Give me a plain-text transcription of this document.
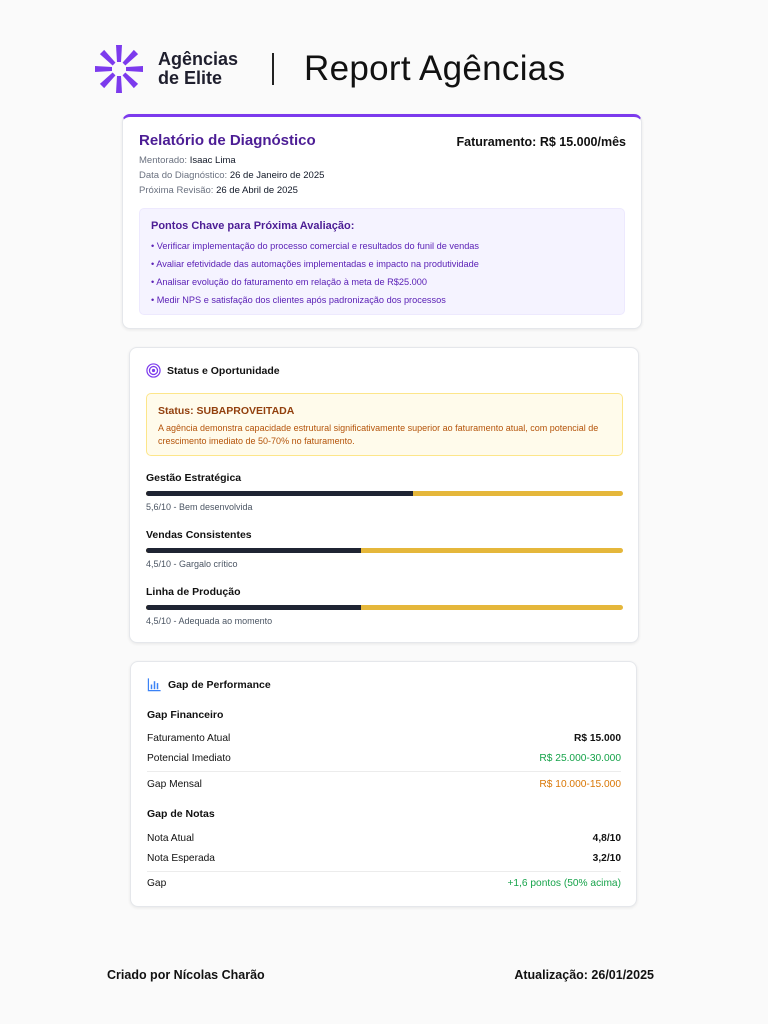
Agências
de Elite	Report Agências
Relatório de Diagnóstico	Faturamento: R$ 15.000/mês
Mentorado: Isaac Lima
Data do Diagnóstico: 26 de Janeiro de 2025
Próxima Revisão: 26 de Abril de 2025
Pontos Chave para Próxima Avaliação:
• Verificar implementação do processo comercial e resultados do funil de vendas
• Avaliar efetividade das automações implementadas e impacto na produtividade
• Analisar evolução do faturamento em relação à meta de R$25.000
• Medir NPS e satisfação dos clientes após padronização dos processos
Status e Oportunidade
Status: SUBAPROVEITADA
A agência demonstra capacidade estrutural significativamente superior ao faturamento atual, com potencial de crescimento imediato de 50-70% no faturamento.
Gestão Estratégica
5,6/10 - Bem desenvolvida
Vendas Consistentes
4,5/10 - Gargalo crítico
Linha de Produção
4,5/10 - Adequada ao momento
Gap de Performance
Gap Financeiro
Faturamento Atual	R$ 15.000
Potencial Imediato	R$ 25.000-30.000
Gap Mensal	R$ 10.000-15.000
Gap de Notas
Nota Atual	4,8/10
Nota Esperada	3,2/10
Gap	+1,6 pontos (50% acima)
Criado por Nícolas Charão	Atualização: 26/01/2025
